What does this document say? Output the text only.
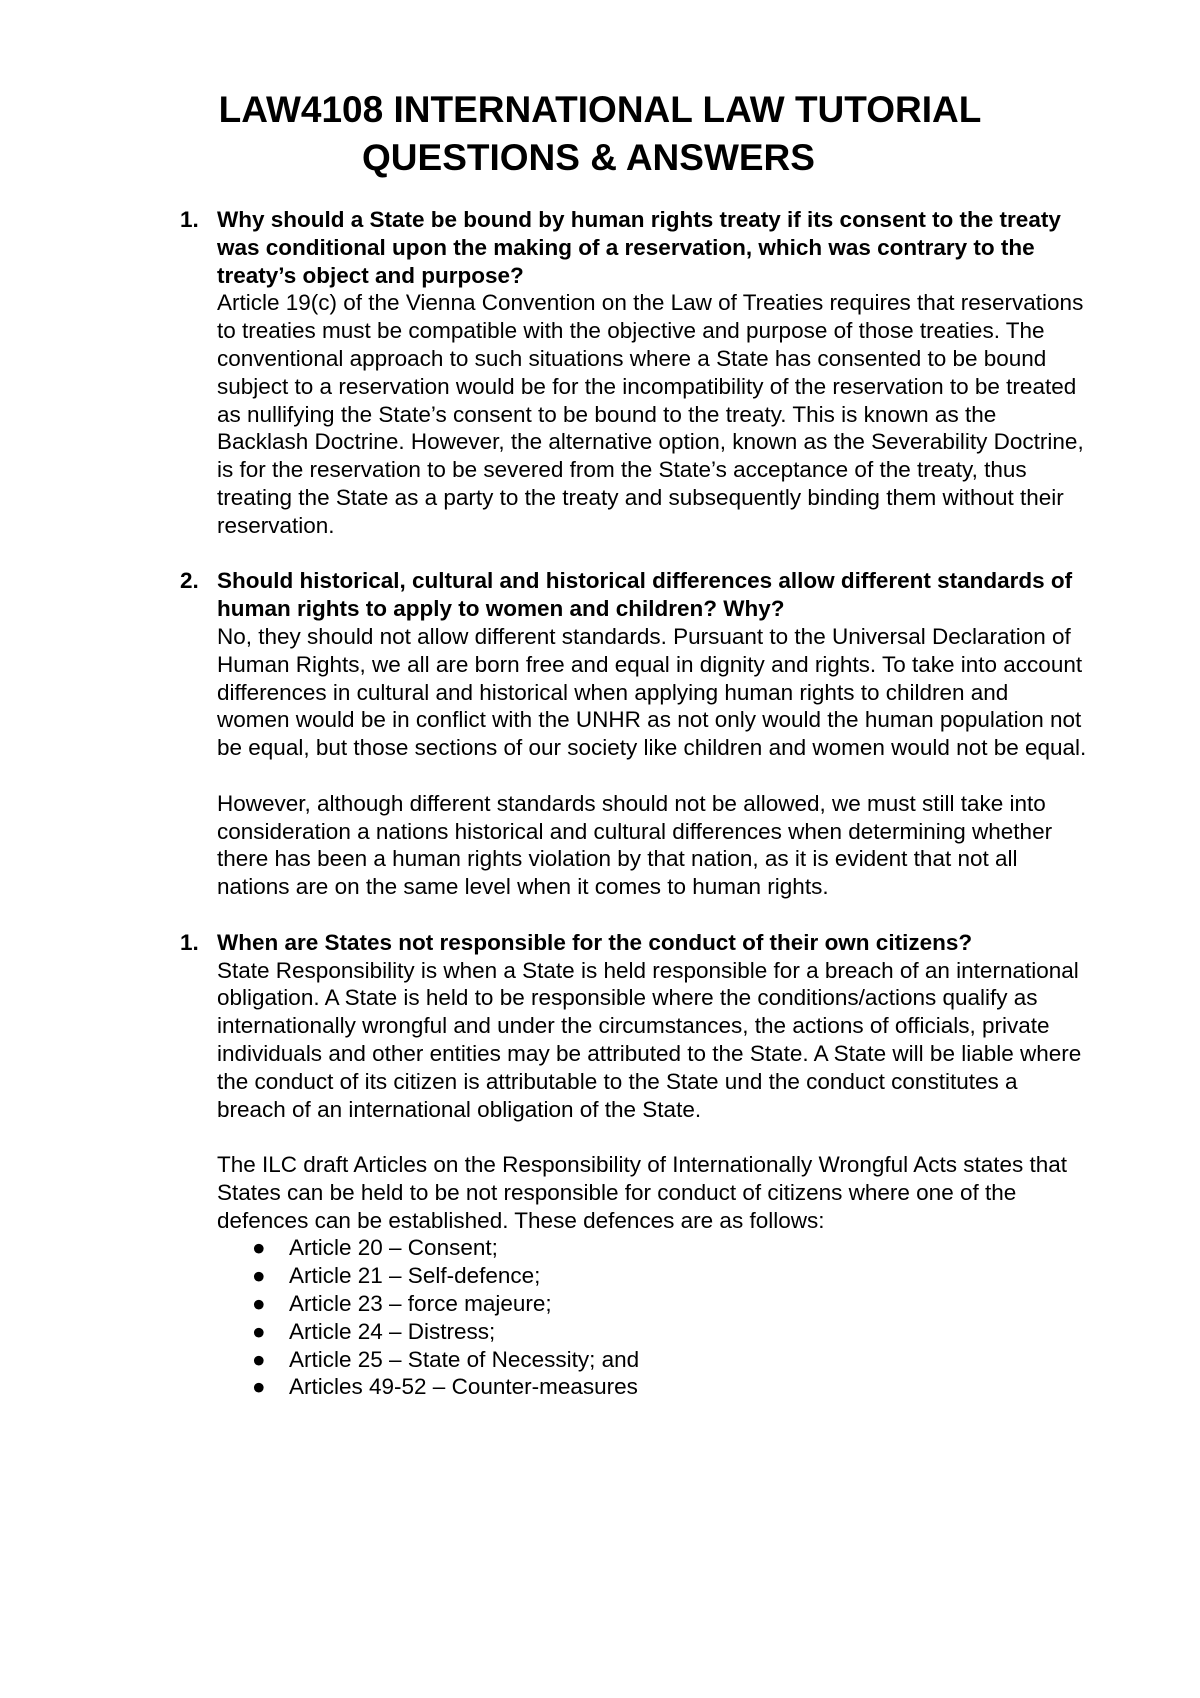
LAW4108 INTERNATIONAL LAW TUTORIAL
QUESTIONS & ANSWERS
1. Why should a State be bound by human rights treaty if its consent to the treaty was conditional upon the making of a reservation, which was contrary to the treaty’s object and purpose?

Article 19(c) of the Vienna Convention on the Law of Treaties requires that reservations to treaties must be compatible with the objective and purpose of those treaties. The conventional approach to such situations where a State has consented to be bound subject to a reservation would be for the incompatibility of the reservation to be treated as nullifying the State’s consent to be bound to the treaty. This is known as the Backlash Doctrine. However, the alternative option, known as the Severability Doctrine, is for the reservation to be severed from the State’s acceptance of the treaty, thus treating the State as a party to the treaty and subsequently binding them without their reservation.

2. Should historical, cultural and historical differences allow different standards of human rights to apply to women and children? Why?

No, they should not allow different standards. Pursuant to the Universal Declaration of Human Rights, we all are born free and equal in dignity and rights. To take into account differences in cultural and historical when applying human rights to children and women would be in conflict with the UNHR as not only would the human population not be equal, but those sections of our society like children and women would not be equal.

However, although different standards should not be allowed, we must still take into consideration a nations historical and cultural differences when determining whether there has been a human rights violation by that nation, as it is evident that not all nations are on the same level when it comes to human rights.

1. When are States not responsible for the conduct of their own citizens?

State Responsibility is when a State is held responsible for a breach of an international obligation. A State is held to be responsible where the conditions/actions qualify as internationally wrongful and under the circumstances, the actions of officials, private individuals and other entities may be attributed to the State. A State will be liable where the conduct of its citizen is attributable to the State und the conduct constitutes a breach of an international obligation of the State.

The ILC draft Articles on the Responsibility of Internationally Wrongful Acts states that States can be held to be not responsible for conduct of citizens where one of the defences can be established. These defences are as follows:

● Article 20 – Consent;
● Article 21 – Self-defence;
● Article 23 – force majeure;
● Article 24 – Distress;
● Article 25 – State of Necessity; and
● Articles 49-52 – Counter-measures
